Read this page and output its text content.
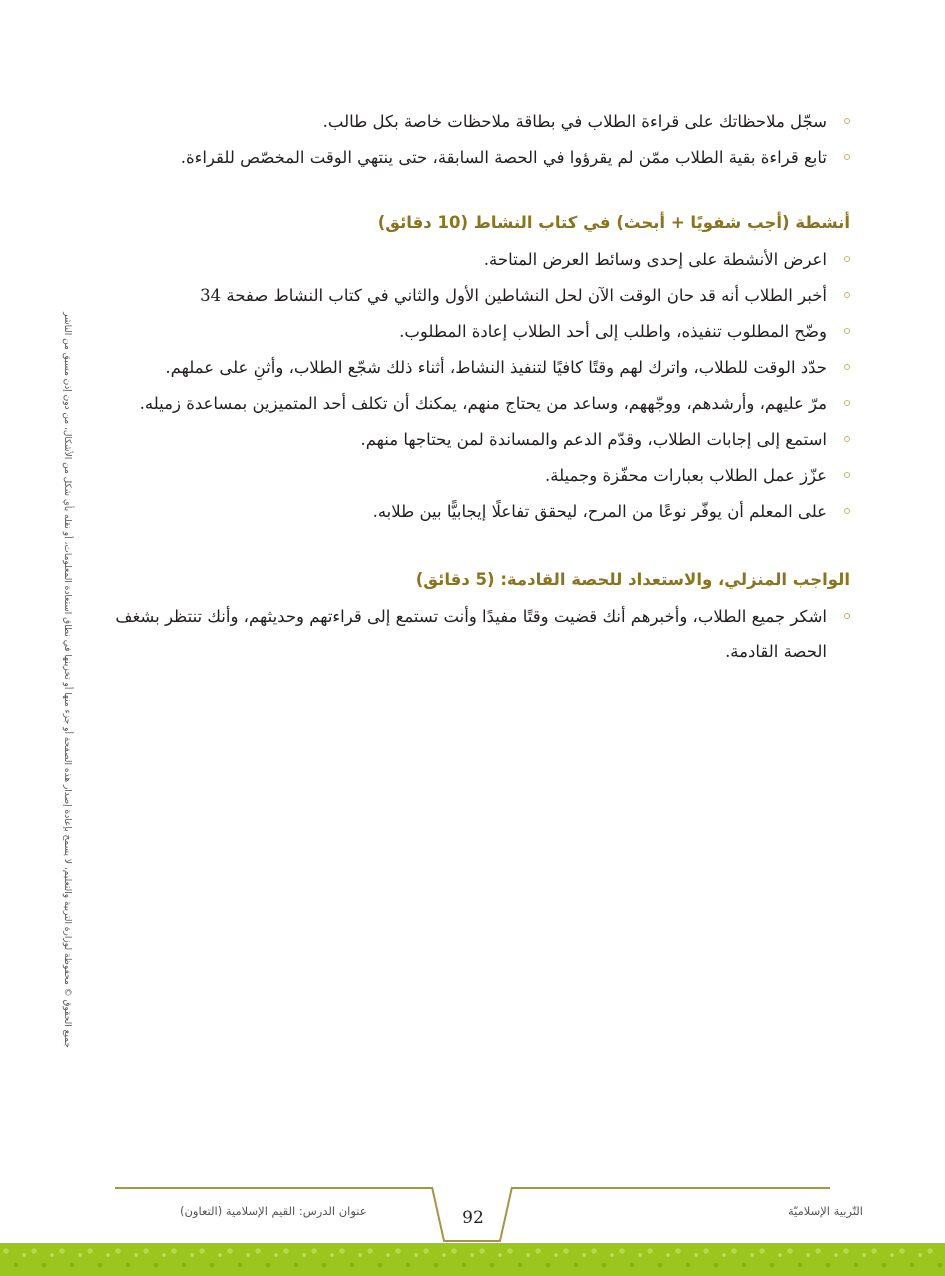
جميع الحقوق © محفوظة لوزارة التربية والتعليم، لا يسمح بإعادة إصدار هذه الصفحة أو جزء منها أو تخزينها في نطاق استعادة المعلومات، أو نقله بأي شكل من الأشكال، من دون إذن مسبق من الناشر
سجّل ملاحظاتك على قراءة الطلاب في بطاقة ملاحظات خاصة بكل طالب.
تابع قراءة بقية الطلاب ممّن لم يقرؤوا في الحصة السابقة، حتى ينتهي الوقت المخصّص للقراءة.
أنشطة (أجب شفويًا + أبحث) في كتاب النشاط (10 دقائق)
اعرض الأنشطة على إحدى وسائط العرض المتاحة.
أخبر الطلاب أنه قد حان الوقت الآن لحل النشاطين الأول والثاني في كتاب النشاط صفحة 34
وضّح المطلوب تنفيذه، واطلب إلى أحد الطلاب إعادة المطلوب.
حدّد الوقت للطلاب، واترك لهم وقتًا كافيًا لتنفيذ النشاط، أثناء ذلك شجّع الطلاب، وأثنِ على عملهم.
مرّ عليهم، وأرشدهم، ووجّههم، وساعد من يحتاج منهم، يمكنك أن تكلف أحد المتميزين بمساعدة زميله.
استمع إلى إجابات الطلاب، وقدّم الدعم والمساندة لمن يحتاجها منهم.
عزّز عمل الطلاب بعبارات محفّزة وجميلة.
على المعلم أن يوفّر نوعًا من المرح، ليحقق تفاعلًا إيجابيًّا بين طلابه.
الواجب المنزلي، والاستعداد للحصة القادمة: (5 دقائق)
اشكر جميع الطلاب، وأخبرهم أنك قضيت وقتًا مفيدًا وأنت تستمع إلى قراءتهم وحديثهم، وأنك تنتظر بشغف الحصة القادمة.
عنوان الدرس: القيم الإسلامية (التعاون)	92	التّربية الإسلاميّة
